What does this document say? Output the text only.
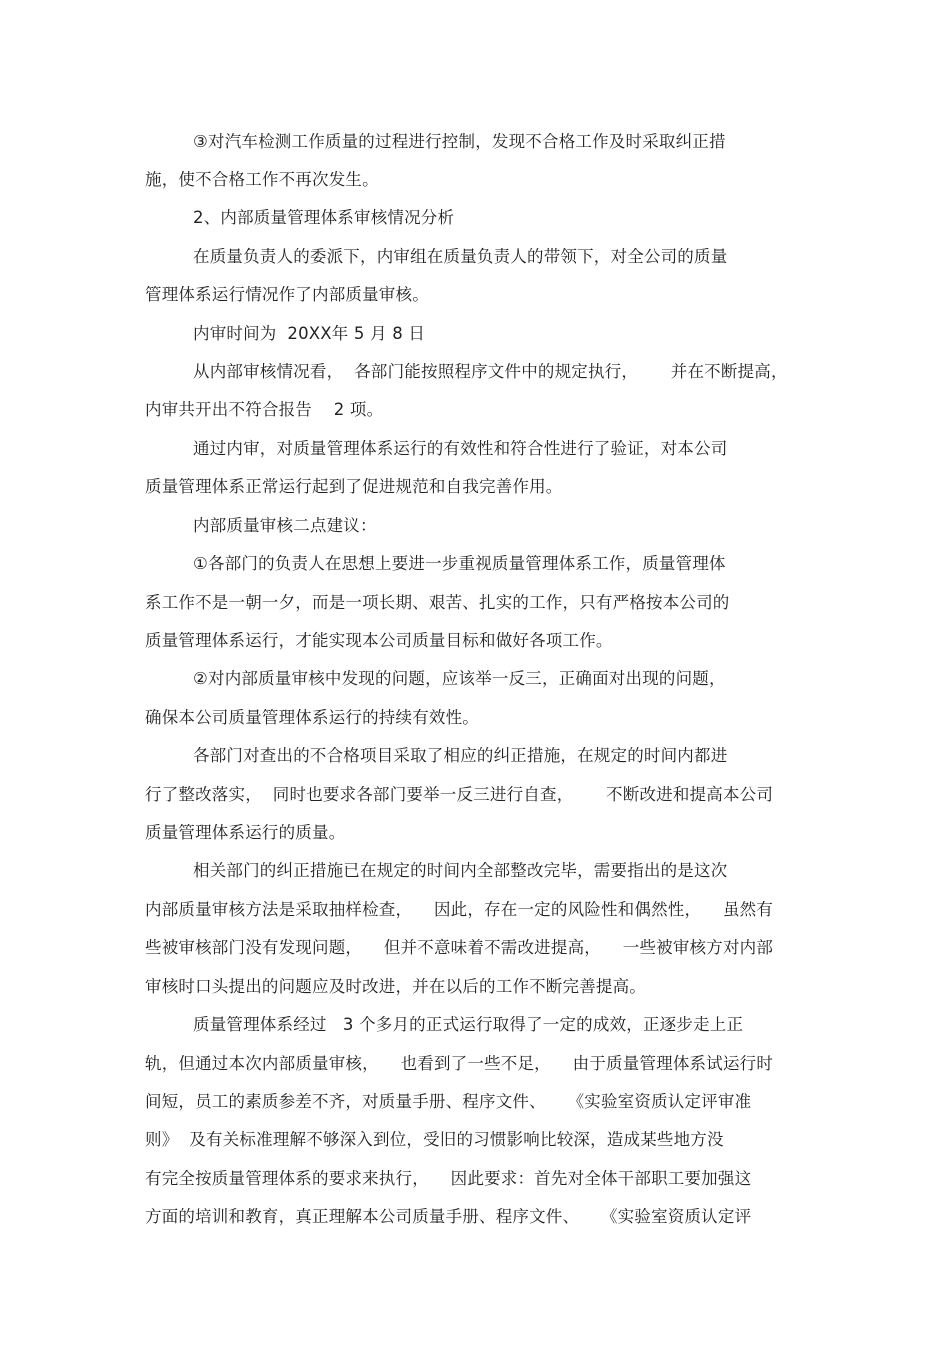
③对汽车检测工作质量的过程进行控制，发现不合格工作及时采取纠正措

施，使不合格工作不再次发生。

2、内部质量管理体系审核情况分析

在质量负责人的委派下，内审组在质量负责人的带领下，对全公司的质量

管理体系运行情况作了内部质量审核。

内审时间为  20XX年 5 月 8 日

从内部审核情况看，  各部门能按照程序文件中的规定执行，      并在不断提高，

内审共开出不符合报告    2 项。

通过内审，对质量管理体系运行的有效性和符合性进行了验证，对本公司

质量管理体系正常运行起到了促进规范和自我完善作用。

内部质量审核二点建议：

①各部门的负责人在思想上要进一步重视质量管理体系工作，质量管理体

系工作不是一朝一夕，而是一项长期、艰苦、扎实的工作，只有严格按本公司的

质量管理体系运行，才能实现本公司质量目标和做好各项工作。

②对内部质量审核中发现的问题，应该举一反三，正确面对出现的问题，

确保本公司质量管理体系运行的持续有效性。

各部门对查出的不合格项目采取了相应的纠正措施，在规定的时间内都进

行了整改落实，  同时也要求各部门要举一反三进行自查，      不断改进和提高本公司

质量管理体系运行的质量。

相关部门的纠正措施已在规定的时间内全部整改完毕，需要指出的是这次

内部质量审核方法是采取抽样检查，    因此，存在一定的风险性和偶然性，    虽然有

些被审核部门没有发现问题，    但并不意味着不需改进提高，    一些被审核方对内部

审核时口头提出的问题应及时改进，并在以后的工作不断完善提高。

质量管理体系经过   3 个多月的正式运行取得了一定的成效，正逐步走上正

轨，但通过本次内部质量审核，    也看到了一些不足，    由于质量管理体系试运行时

间短，员工的素质参差不齐，对质量手册、程序文件、    《实验室资质认定评审准

则》  及有关标准理解不够深入到位，受旧的习惯影响比较深，造成某些地方没

有完全按质量管理体系的要求来执行，    因此要求：首先对全体干部职工要加强这

方面的培训和教育，真正理解本公司质量手册、程序文件、    《实验室资质认定评
